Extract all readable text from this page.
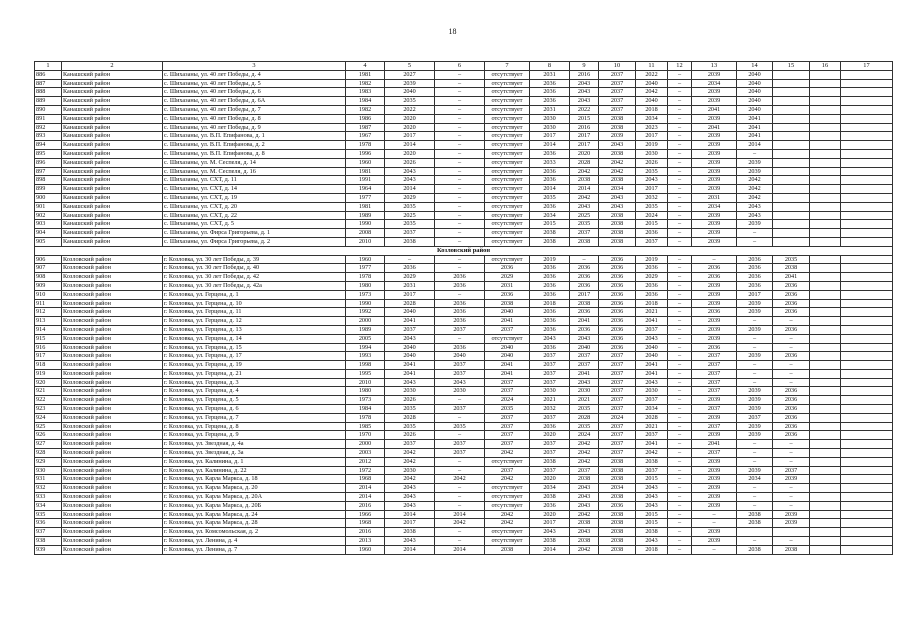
18
1	2	3	4	5	6	7	8	9	10	11	12	13	14	15	16	17
886	Канашский район	с. Шихазаны, ул. 40 лет Победы, д. 4	1981	2027	–	отсутствует	2031	2016	2037	2022	–	2039	2040			
887	Канашский район	с. Шихазаны, ул. 40 лет Победы, д. 5	1982	2039	–	отсутствует	2036	2043	2037	2040	–	2034	2040			
888	Канашский район	с. Шихазаны, ул. 40 лет Победы, д. 6	1983	2040	–	отсутствует	2036	2043	2037	2042	–	2039	2040			
889	Канашский район	с. Шихазаны, ул. 40 лет Победы, д. 6А	1984	2035	–	отсутствует	2036	2043	2037	2040	–	2039	2040			
890	Канашский район	с. Шихазаны, ул. 40 лет Победы, д. 7	1982	2022	–	отсутствует	2031	2022	2037	2018	–	2041	2040			
891	Канашский район	с. Шихазаны, ул. 40 лет Победы, д. 8	1986	2020	–	отсутствует	2030	2015	2038	2034	–	2039	2041			
892	Канашский район	с. Шихазаны, ул. 40 лет Победы, д. 9	1987	2020	–	отсутствует	2030	2016	2038	2023	–	2041	2041			
893	Канашский район	с. Шихазаны, ул. В.П. Епифанова, д. 1	1967	2017	–	отсутствует	2017	2017	2039	2017	–	2039	2041			
894	Канашский район	с. Шихазаны, ул. В.П. Епифанова, д. 2	1978	2014	–	отсутствует	2014	2017	2043	2019	–	2039	2014			
895	Канашский район	с. Шихазаны, ул. В.П. Епифанова, д. 8	1996	2020	–	отсутствует	2036	2020	2038	2030	–	2039	–			
896	Канашский район	с. Шихазаны, ул. М. Сеспеля, д. 14	1960	2026	–	отсутствует	2033	2028	2042	2026	–	2039	2039			
897	Канашский район	с. Шихазаны, ул. М. Сеспеля, д. 16	1981	2043	–	отсутствует	2036	2042	2042	2035	–	2039	2039			
898	Канашский район	с. Шихазаны, ул. СХТ, д. 11	1991	2043	–	отсутствует	2036	2038	2038	2043	–	2039	2042			
899	Канашский район	с. Шихазаны, ул. СХТ, д. 14	1964	2014	–	отсутствует	2014	2014	2034	2017	–	2039	2042			
900	Канашский район	с. Шихазаны, ул. СХТ, д. 19	1977	2029	–	отсутствует	2035	2042	2043	2032	–	2031	2042			
901	Канашский район	с. Шихазаны, ул. СХТ, д. 20	1981	2035	–	отсутствует	2036	2043	2043	2035	–	2034	2043			
902	Канашский район	с. Шихазаны, ул. СХТ, д. 22	1989	2025	–	отсутствует	2034	2025	2038	2024	–	2039	2043			
903	Канашский район	с. Шихазаны, ул. СХТ, д. 5	1990	2035	–	отсутствует	2015	2035	2038	2015	–	2039	2039			
904	Канашский район	с. Шихазаны, ул. Фирса Григорьева, д. 1	2008	2037	–	отсутствует	2038	2037	2038	2036	–	2039	–			
905	Канашский район	с. Шихазаны, ул. Фирса Григорьева, д. 2	2010	2038	–	отсутствует	2038	2038	2038	2037	–	2039	–			
Козловский район																
906	Козловский район	г. Козловка, ул. 30 лет Победы, д. 39	1960	–	–	отсутствует	2019	–	2036	2019	–	–	2036	2035		
907	Козловский район	г. Козловка, ул. 30 лет Победы, д. 40	1977	2036	–	2036	2036	2036	2036	2036	–	2036	2036	2038		
908	Козловский район	г. Козловка, ул. 30 лет Победы, д. 42	1978	2029	2036	2029	2036	2036	2036	2029	–	2036	2036	2041		
909	Козловский район	г. Козловка, ул. 30 лет Победы, д. 42а	1980	2031	2036	2031	2036	2036	2036	2036	–	2039	2036	2036		
910	Козловский район	г. Козловка, ул. Герцена, д. 1	1973	2017	–	2036	2036	2017	2036	2036	–	2039	2017	2036		
911	Козловский район	г. Козловка, ул. Герцена, д. 10	1990	2028	2036	2038	2018	2038	2036	2018	–	2039	2039	2036		
912	Козловский район	г. Козловка, ул. Герцена, д. 11	1992	2040	2036	2040	2036	2036	2036	2021	–	2036	2039	2036		
913	Козловский район	г. Козловка, ул. Герцена, д. 12	2000	2041	2036	2041	2036	2041	2036	2041	–	2039	–	–		
914	Козловский район	г. Козловка, ул. Герцена, д. 13	1989	2037	2037	2037	2036	2036	2036	2037	–	2039	2039	2036		
915	Козловский район	г. Козловка, ул. Герцена, д. 14	2005	2043	–	отсутствует	2043	2043	2036	2043	–	2039	–	–		
916	Козловский район	г. Козловка, ул. Герцена, д. 15	1994	2040	2036	2040	2036	2040	2036	2040	–	2036	–	–		
917	Козловский район	г. Козловка, ул. Герцена, д. 17	1993	2040	2040	2040	2037	2037	2037	2040	–	2037	2039	2036		
918	Козловский район	г. Козловка, ул. Герцена, д. 19	1998	2041	2037	2041	2037	2037	2037	2041	–	2037	–	–		
919	Козловский район	г. Козловка, ул. Герцена, д. 21	1995	2041	2037	2041	2037	2041	2037	2041	–	2037	–	–		
920	Козловский район	г. Козловка, ул. Герцена, д. 3	2010	2043	2043	2037	2037	2043	2037	2043	–	2037	–	–		
921	Козловский район	г. Козловка, ул. Герцена, д. 4	1980	2030	2030	2037	2030	2030	2037	2030	–	2037	2039	2036		
922	Козловский район	г. Козловка, ул. Герцена, д. 5	1973	2026	–	2024	2021	2021	2037	2037	–	2039	2039	2036		
923	Козловский район	г. Козловка, ул. Герцена, д. 6	1984	2035	2037	2035	2032	2035	2037	2034	–	2037	2039	2036		
924	Козловский район	г. Козловка, ул. Герцена, д. 7	1978	2028	–	2037	2037	2028	2024	2028	–	2039	2037	2036		
925	Козловский район	г. Козловка, ул. Герцена, д. 8	1985	2035	2035	2037	2036	2035	2037	2021	–	2037	2039	2036		
926	Козловский район	г. Козловка, ул. Герцена, д. 9	1970	2026	–	2037	2020	2024	2037	2037	–	2039	2039	2036		
927	Козловский район	г. Козловка, ул. Звездная, д. 4а	2000	2037	2037	2037	2037	2042	2037	2041	–	2041	–	–		
928	Козловский район	г. Козловка, ул. Звездная, д. 3а	2003	2042	2037	2042	2037	2042	2037	2042	–	2037	–	–		
929	Козловский район	г. Козловка, ул. Калинина, д. 1	2012	2042	–	отсутствует	2038	2042	2038	2038	–	2039	–	–		
930	Козловский район	г. Козловка, ул. Калинина, д. 22	1972	2030	–	2037	2037	2037	2038	2037	–	2039	2039	2037		
931	Козловский район	г. Козловка, ул. Карла Маркса, д. 18	1968	2042	2042	2042	2020	2038	2038	2015	–	2039	2034	2039		
932	Козловский район	г. Козловка, ул. Карла Маркса, д. 20	2014	2043	–	отсутствует	2034	2043	2034	2043	–	2039	–	–		
933	Козловский район	г. Козловка, ул. Карла Маркса, д. 20А	2014	2043	–	отсутствует	2038	2043	2038	2043	–	2039	–	–		
934	Козловский район	г. Козловка, ул. Карла Маркса, д. 20Б	2016	2043	–	отсутствует	2036	2043	2036	2043	–	2039	–	–		
935	Козловский район	г. Козловка, ул. Карла Маркса, д. 24	1966	2014	2014	2042	2020	2042	2038	2015	–	–	2038	2039		
936	Козловский район	г. Козловка, ул. Карла Маркса, д. 28	1968	2017	2042	2042	2017	2038	2038	2015	–	–	2038	2039		
937	Козловский район	г. Козловка, ул. Комсомольская, д. 2	2016	2038	–	отсутствует	2043	2043	2038	2038	–	2039				
938	Козловский район	г. Козловка, ул. Ленина, д. 4	2013	2043	–	отсутствует	2038	2038	2038	2043	–	2039	–	–		
939	Козловский район	г. Козловка, ул. Ленина, д. 7	1960	2014	2014	2038	2014	2042	2038	2018	–	–	2038	2038		
